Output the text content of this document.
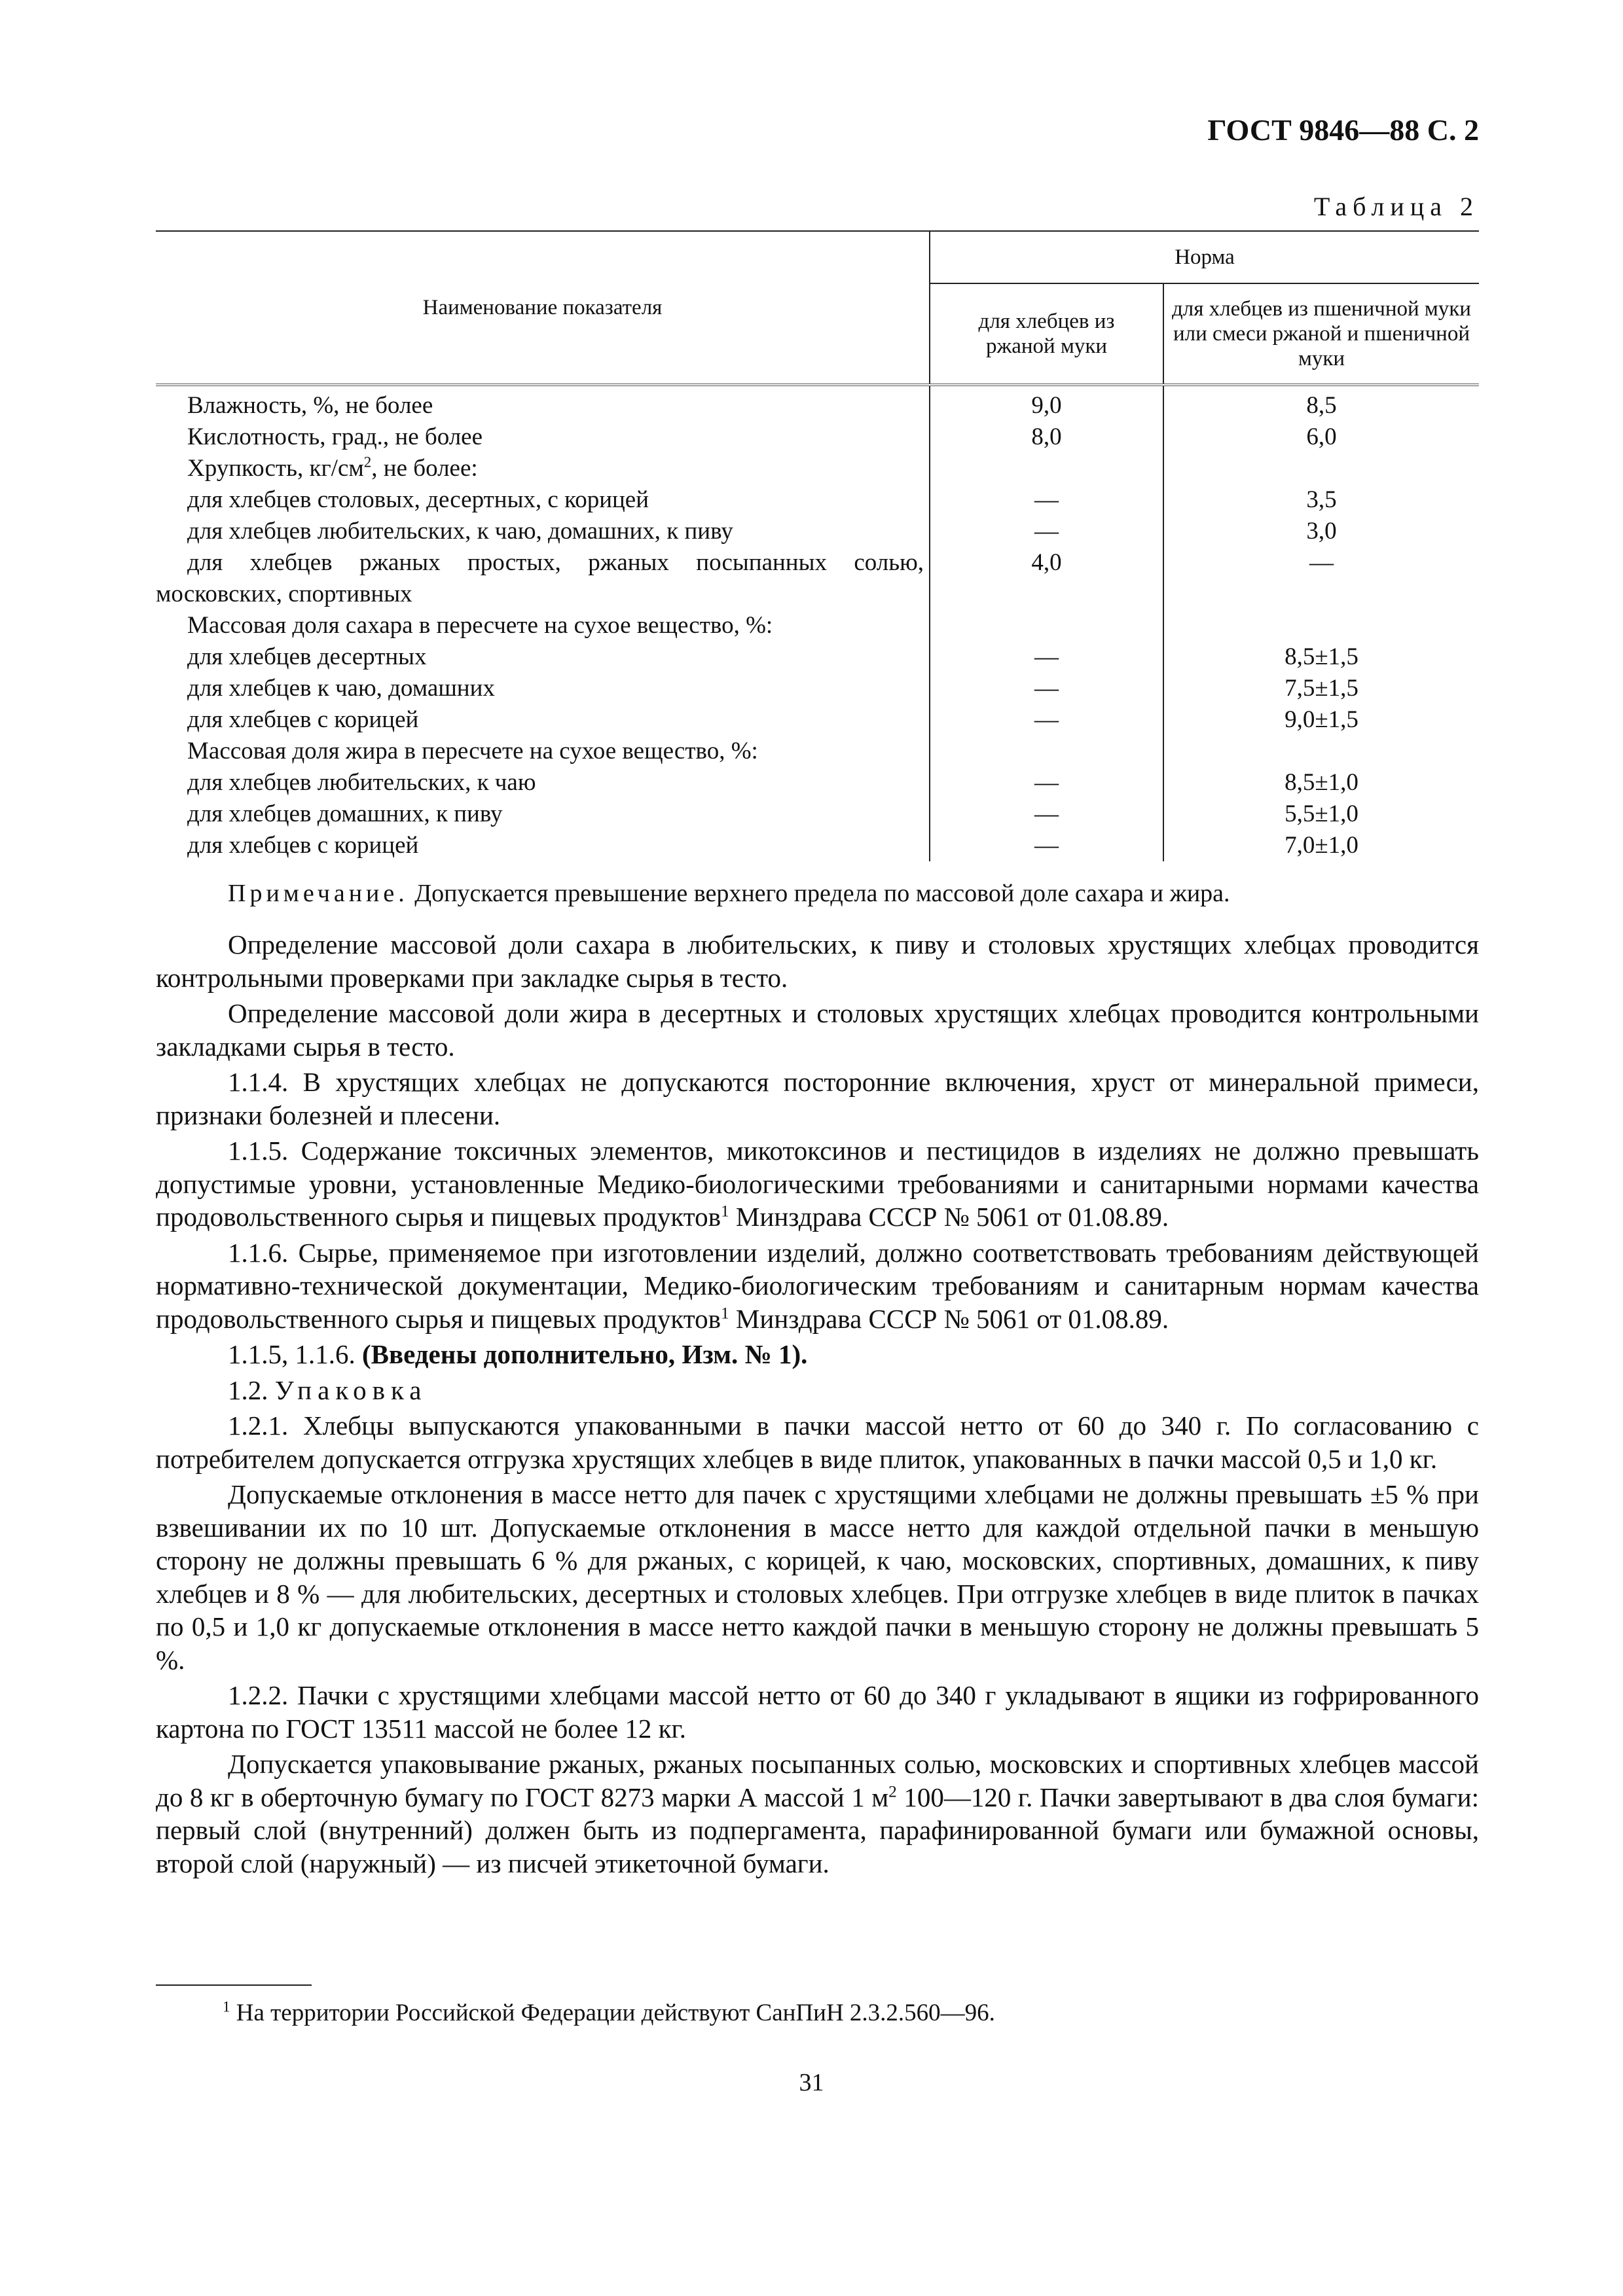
ГОСТ 9846—88 С. 2
Таблица 2
Наименование показателя	Норма	
	для хлебцев из ржаной муки	для хлебцев из пшеничной муки или смеси ржаной и пшеничной муки
Влажность, %, не более	9,0	8,5
Кислотность, град., не более	8,0	6,0
Хрупкость, $кг/см^2$, не более:		
для хлебцев столовых, десертных, с корицей	—	3,5
для хлебцев любительских, к чаю, домашних, к пиву	—	3,0

для хлебцев ржаных простых, ржаных посыпанных солью,
московских, спортивных	4,0	—
Массовая доля сахара в пересчете на сухое вещество, %:		
для хлебцев десертных	—	8,5±1,5
для хлебцев к чаю, домашних	—	7,5±1,5
для хлебцев с корицей	—	9,0±1,5
Массовая доля жира в пересчете на сухое вещество, %:		
для хлебцев любительских, к чаю	—	8,5±1,0
для хлебцев домашних, к пиву	—	5,5±1,0
для хлебцев с корицей	—	7,0±1,0
Примечание. Допускается превышение верхнего предела по массовой доле сахара и жира.

Определение массовой доли сахара в любительских, к пиву и столовых хрустящих хлебцах проводится контрольными проверками при закладке сырья в тесто.

Определение массовой доли жира в десертных и столовых хрустящих хлебцах проводится контрольными закладками сырья в тесто.

1.1.4. В хрустящих хлебцах не допускаются посторонние включения, хруст от минеральной примеси, признаки болезней и плесени.

1.1.5. Содержание токсичных элементов, микотоксинов и пестицидов в изделиях не должно превышать допустимые уровни, установленные Медико-биологическими требованиями и санитарными нормами качества продовольственного сырья и пищевых продуктов$^1$ Минздрава СССР № 5061 от 01.08.89.

1.1.6. Сырье, применяемое при изготовлении изделий, должно соответствовать требованиям действующей нормативно-технической документации, Медико-биологическим требованиям и санитарным нормам качества продовольственного сырья и пищевых продуктов$^1$ Минздрава СССР № 5061 от 01.08.89.

1.1.5, 1.1.6. (Введены дополнительно, Изм. № 1).

1.2. Упаковка

1.2.1. Хлебцы выпускаются упакованными в пачки массой нетто от 60 до 340 г. По согласованию с потребителем допускается отгрузка хрустящих хлебцев в виде плиток, упакованных в пачки массой 0,5 и 1,0 кг.

Допускаемые отклонения в массе нетто для пачек с хрустящими хлебцами не должны превышать ±5 % при взвешивании их по 10 шт. Допускаемые отклонения в массе нетто для каждой отдельной пачки в меньшую сторону не должны превышать 6 % для ржаных, с корицей, к чаю, московских, спортивных, домашних, к пиву хлебцев и 8 % — для любительских, десертных и столовых хлебцев. При отгрузке хлебцев в виде плиток в пачках по 0,5 и 1,0 кг допускаемые отклонения в массе нетто каждой пачки в меньшую сторону не должны превышать 5 %.

1.2.2. Пачки с хрустящими хлебцами массой нетто от 60 до 340 г укладывают в ящики из гофрированного картона по ГОСТ 13511 массой не более 12 кг.

Допускается упаковывание ржаных, ржаных посыпанных солью, московских и спортивных хлебцев массой до 8 кг в оберточную бумагу по ГОСТ 8273 марки А массой 1 $м^2$ 100—120 г. Пачки завертывают в два слоя бумаги: первый слой (внутренний) должен быть из подпергамента, парафинированной бумаги или бумажной основы, второй слой (наружный) — из писчей этикеточной бумаги.

$^1$ На территории Российской Федерации действуют СанПиН 2.3.2.560—96.
31
